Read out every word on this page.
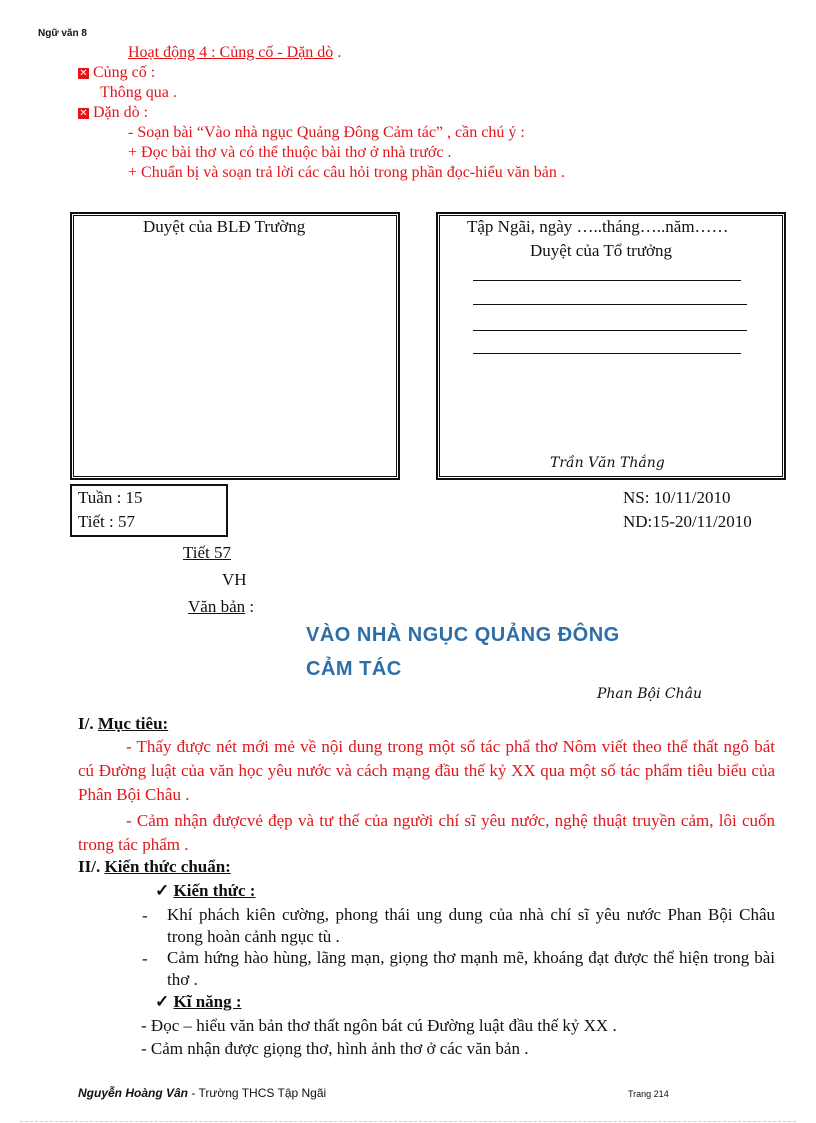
Ngữ văn 8
Hoạt động 4 : Củng cố - Dặn dò .
✕ Củng cố :
Thông qua .
✕ Dặn dò :
- Soạn bài “Vào nhà ngục Quảng Đông Cảm tác” , cần chú ý :
+ Đọc bài thơ và có thể thuộc bài thơ ở nhà trước .
+ Chuẩn bị và soạn trả lời các câu hỏi trong phần đọc-hiểu văn bản .
Duyệt của BLĐ Trường	Tập Ngãi, ngày …..tháng…..năm……
Duyệt của Tổ trưởng
Trần Văn Thắng
Tuần : 15
Tiết : 57
NS: 10/11/2010
ND:15-20/11/2010
Tiết 57
VH
Văn bản :
VÀO NHÀ NGỤC QUẢNG ĐÔNG
CẢM TÁC
Phan Bội Châu
I/. Mục tiêu:
- Thấy được nét mới mẻ về nội dung trong một số tác phẩ thơ Nôm viết theo thể thất ngô bát cú Đường luật của văn học yêu nước và cách mạng đầu thế kỷ XX qua một số tác phẩm tiêu biểu của Phân Bội Châu .
- Cảm nhận đượcvẻ đẹp và tư thế của người chí sĩ yêu nước, nghệ thuật truyền cảm, lôi cuốn trong tác phẩm .
II/. Kiến thức chuẩn:
✓ Kiến thức :
- Khí phách kiên cường, phong thái ung dung của nhà chí sĩ yêu nước Phan Bội Châu trong hoàn cảnh ngục tù .
- Cảm hứng hào hùng, lãng mạn, giọng thơ mạnh mẽ, khoáng đạt được thể hiện trong bài thơ .
✓ Kĩ năng :
- Đọc – hiểu văn bản thơ thất ngôn bát cú Đường luật đầu thế kỷ XX .
- Cảm nhận được giọng thơ, hình ảnh thơ ở các văn bản .
Nguyễn Hoàng Vân - Trường THCS Tập Ngãi	Trang 214
